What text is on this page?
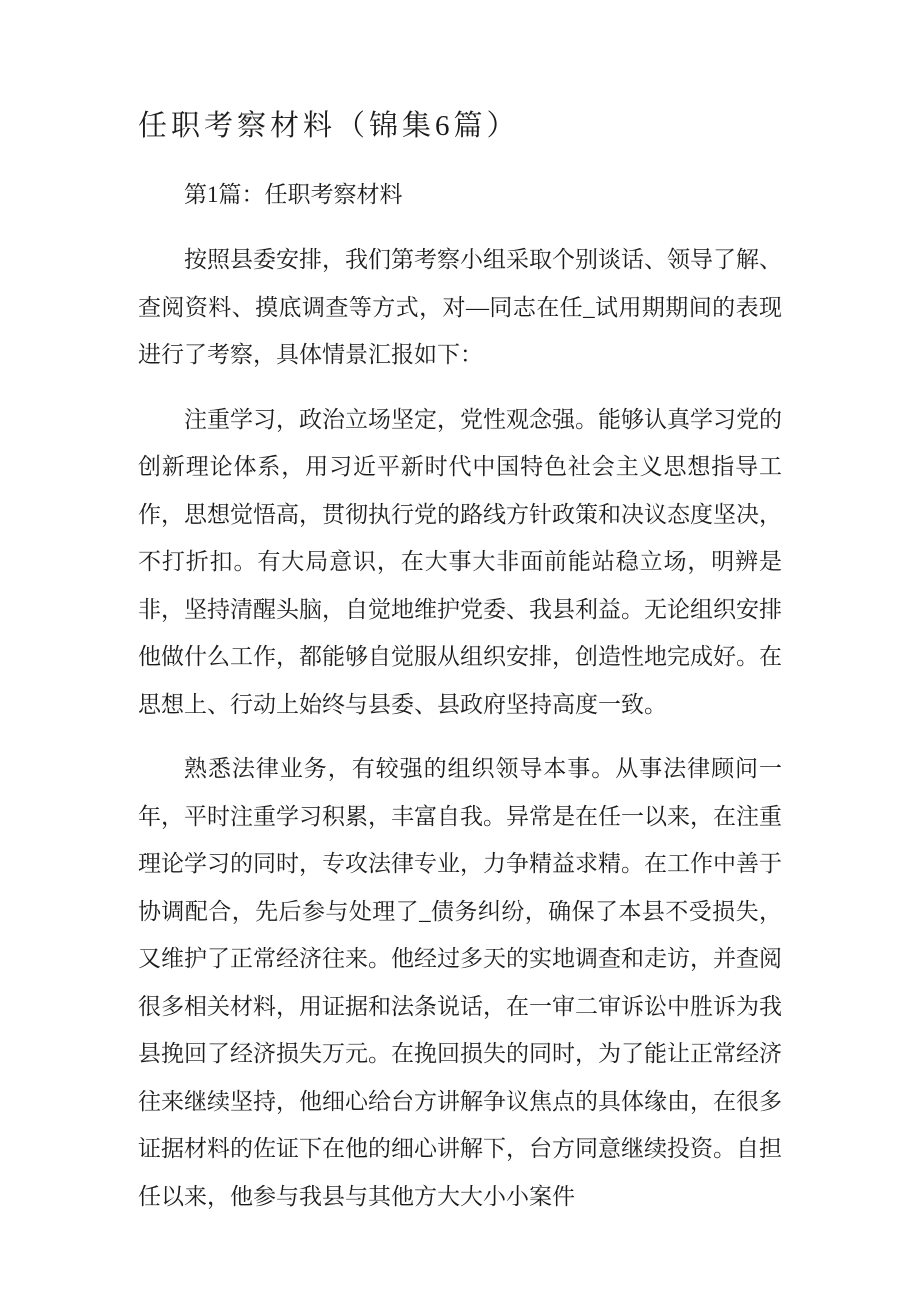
任职考察材料（锦集6篇）

第1篇：任职考察材料

按照县委安排，我们第考察小组采取个别谈话、领导了解、查阅资料、摸底调查等方式，对—同志在任_试用期期间的表现进行了考察，具体情景汇报如下：

注重学习，政治立场坚定，党性观念强。能够认真学习党的创新理论体系，用习近平新时代中国特色社会主义思想指导工作，思想觉悟高，贯彻执行党的路线方针政策和决议态度坚决，不打折扣。有大局意识，在大事大非面前能站稳立场，明辨是非，坚持清醒头脑，自觉地维护党委、我县利益。无论组织安排他做什么工作，都能够自觉服从组织安排，创造性地完成好。在思想上、行动上始终与县委、县政府坚持高度一致。

熟悉法律业务，有较强的组织领导本事。从事法律顾问一年，平时注重学习积累，丰富自我。异常是在任一以来，在注重理论学习的同时，专攻法律专业，力争精益求精。在工作中善于协调配合，先后参与处理了_债务纠纷，确保了本县不受损失，又维护了正常经济往来。他经过多天的实地调查和走访，并查阅很多相关材料，用证据和法条说话，在一审二审诉讼中胜诉为我县挽回了经济损失万元。在挽回损失的同时，为了能让正常经济往来继续坚持，他细心给台方讲解争议焦点的具体缘由，在很多证据材料的佐证下在他的细心讲解下，台方同意继续投资。自担任以来，他参与我县与其他方大大小小案件
